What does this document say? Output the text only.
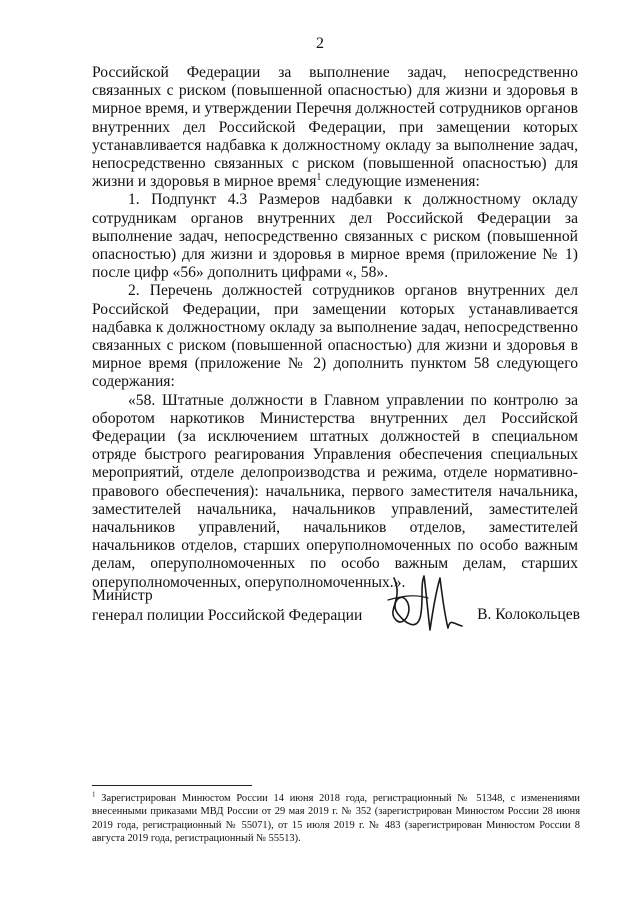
2

Российской Федерации за выполнение задач, непосредственно связанных с риском (повышенной опасностью) для жизни и здоровья в мирное время, и утверждении Перечня должностей сотрудников органов внутренних дел Российской Федерации, при замещении которых устанавливается надбавка к должностному окладу за выполнение задач, непосредственно связанных с риском (повышенной опасностью) для жизни и здоровья в мирное время$^1$ следующие изменения:

1. Подпункт 4.3 Размеров надбавки к должностному окладу сотрудникам органов внутренних дел Российской Федерации за выполнение задач, непосредственно связанных с риском (повышенной опасностью) для жизни и здоровья в мирное время (приложение № 1) после цифр «56» дополнить цифрами «, 58».

2. Перечень должностей сотрудников органов внутренних дел Российской Федерации, при замещении которых устанавливается надбавка к должностному окладу за выполнение задач, непосредственно связанных с риском (повышенной опасностью) для жизни и здоровья в мирное время (приложение № 2) дополнить пунктом 58 следующего содержания:

«58. Штатные должности в Главном управлении по контролю за оборотом наркотиков Министерства внутренних дел Российской Федерации (за исключением штатных должностей в специальном отряде быстрого реагирования Управления обеспечения специальных мероприятий, отделе делопроизводства и режима, отделе нормативно-правового обеспечения): начальника, первого заместителя начальника, заместителей начальника, начальников управлений, заместителей начальников управлений, начальников отделов, заместителей начальников отделов, старших оперуполномоченных по особо важным делам, оперуполномоченных по особо важным делам, старших оперуполномоченных, оперуполномоченных.».

Министр
генерал полиции Российской Федерации	В. Колокольцев
$^1$ Зарегистрирован Минюстом России 14 июня 2018 года, регистрационный № 51348, с изменениями внесенными приказами МВД России от 29 мая 2019 г. № 352 (зарегистрирован Минюстом России 28 июня 2019 года, регистрационный № 55071), от 15 июля 2019 г. № 483 (зарегистрирован Минюстом России 8 августа 2019 года, регистрационный № 55513).
